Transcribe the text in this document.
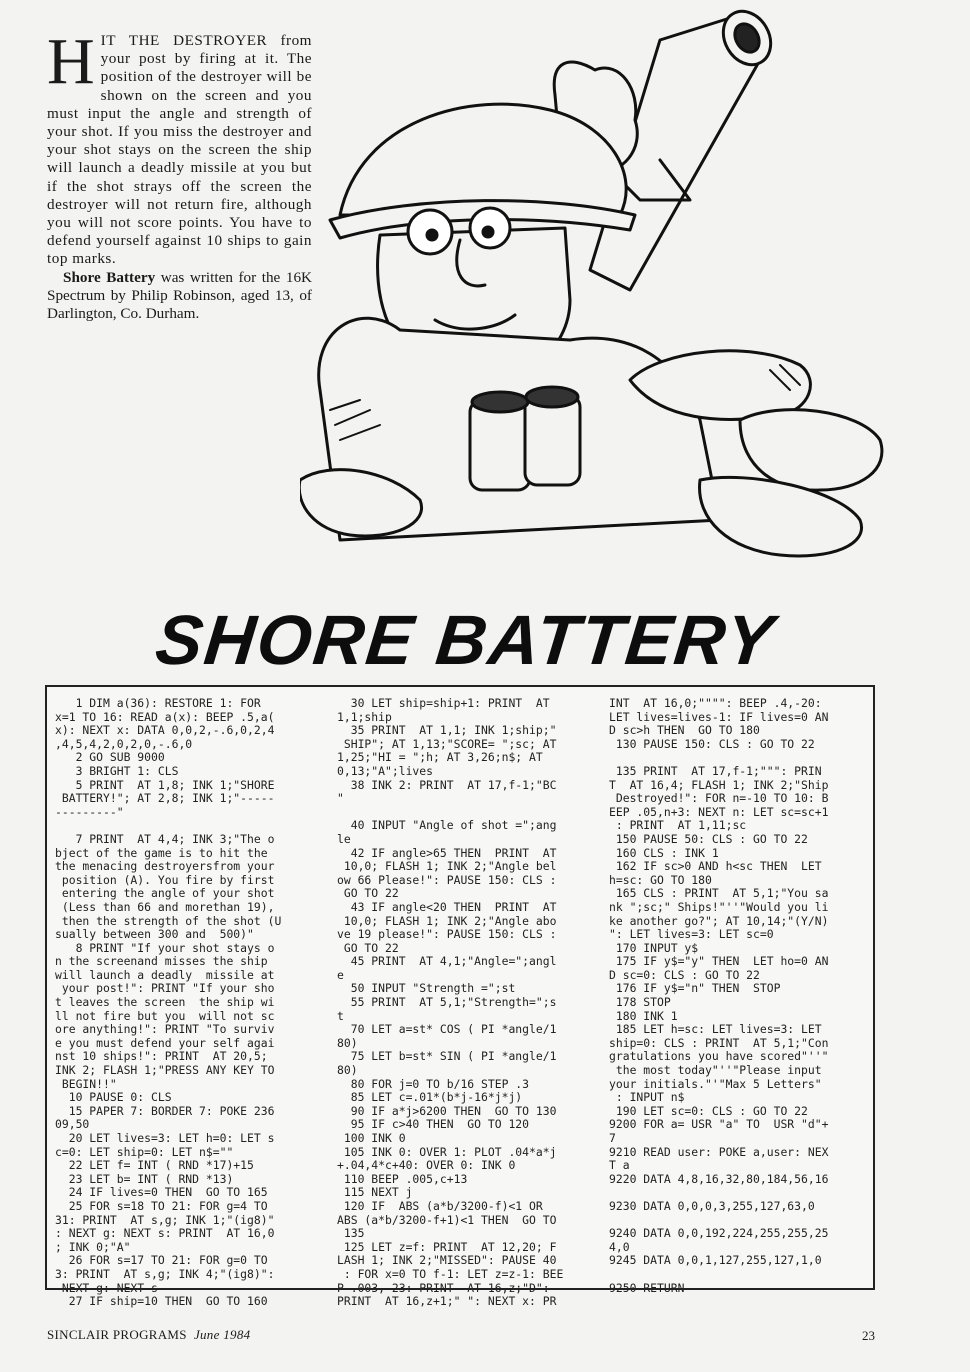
HIT THE DESTROYER from your post by firing at it. The position of the destroyer will be shown on the screen and you must input the angle and strength of your shot. If you miss the destroyer and your shot stays on the screen the ship will launch a deadly missile at you but if the shot strays off the screen the destroyer will not return fire, although you will not score points. You have to defend yourself against 10 ships to gain top marks.

Shore Battery was written for the 16K Spectrum by Philip Robinson, aged 13, of Darlington, Co. Durham.

SHORE BATTERY
1 DIM a(36): RESTORE 1: FOR
x=1 TO 16: READ a(x): BEEP .5,a(
x): NEXT x: DATA 0,0,2,-.6,0,2,4
,4,5,4,2,0,2,0,-.6,0
2 GO SUB 9000
3 BRIGHT 1: CLS
5 PRINT  AT 1,8; INK 1;"SHORE
BATTERY!"; AT 2,8; INK 1;"-----
---------"

7 PRINT  AT 4,4; INK 3;"The o
bject of the game is to hit the
the menacing destroyersfrom your
position (A). You fire by first
entering the angle of your shot
(Less than 66 and morethan 19),
then the strength of the shot (U
sually between 300 and  500)"
8 PRINT "If your shot stays o
n the screenand misses the ship
will launch a deadly  missile at
your post!": PRINT "If your sho
t leaves the screen  the ship wi
ll not fire but you  will not sc
ore anything!": PRINT "To surviv
e you must defend your self agai
nst 10 ships!": PRINT  AT 20,5;
INK 2; FLASH 1;"PRESS ANY KEY TO
BEGIN!!"
10 PAUSE 0: CLS
15 PAPER 7: BORDER 7: POKE 236
09,50
20 LET lives=3: LET h=0: LET s
c=0: LET ship=0: LET n$=""
22 LET f= INT ( RND *17)+15
23 LET b= INT ( RND *13)
24 IF lives=0 THEN  GO TO 165
25 FOR s=18 TO 21: FOR g=4 TO
31: PRINT  AT s,g; INK 1;"(ig8)"
: NEXT g: NEXT s: PRINT  AT 16,0
; INK 0;"A"
26 FOR s=17 TO 21: FOR g=0 TO
3: PRINT  AT s,g; INK 4;"(ig8)":
NEXT g: NEXT s
27 IF ship=10 THEN  GO TO 160
30 LET ship=ship+1: PRINT  AT
1,1;ship
35 PRINT  AT 1,1; INK 1;ship;"
SHIP"; AT 1,13;"SCORE= ";sc; AT
1,25;"HI = ";h; AT 3,26;n$; AT
0,13;"A";lives
38 INK 2: PRINT  AT 17,f-1;"BC
"

40 INPUT "Angle of shot =";ang
le
42 IF angle>65 THEN  PRINT  AT
10,0; FLASH 1; INK 2;"Angle bel
ow 66 Please!": PAUSE 150: CLS :
GO TO 22
43 IF angle<20 THEN  PRINT  AT
10,0; FLASH 1; INK 2;"Angle abo
ve 19 please!": PAUSE 150: CLS :
GO TO 22
45 PRINT  AT 4,1;"Angle=";angl
e
50 INPUT "Strength =";st
55 PRINT  AT 5,1;"Strength=";s
t
70 LET a=st* COS ( PI *angle/1
80)
75 LET b=st* SIN ( PI *angle/1
80)
80 FOR j=0 TO b/16 STEP .3
85 LET c=.01*(b*j-16*j*j)
90 IF a*j>6200 THEN  GO TO 130
95 IF c>40 THEN  GO TO 120
100 INK 0
105 INK 0: OVER 1: PLOT .04*a*j
+.04,4*c+40: OVER 0: INK 0
110 BEEP .005,c+13
115 NEXT j
120 IF  ABS (a*b/3200-f)<1 OR
ABS (a*b/3200-f+1)<1 THEN  GO TO
135
125 LET z=f: PRINT  AT 12,20; F
LASH 1; INK 2;"MISSED": PAUSE 40
: FOR x=0 TO f-1: LET z=z-1: BEE
P .003,-23: PRINT  AT 16,z;"D":
PRINT  AT 16,z+1;" ": NEXT x: PR
INT  AT 16,0;"""": BEEP .4,-20:
LET lives=lives-1: IF lives=0 AN
D sc>h THEN  GO TO 180
130 PAUSE 150: CLS : GO TO 22

135 PRINT  AT 17,f-1;""": PRIN
T  AT 16,4; FLASH 1; INK 2;"Ship
Destroyed!": FOR n=-10 TO 10: B
EEP .05,n+3: NEXT n: LET sc=sc+1
: PRINT  AT 1,11;sc
150 PAUSE 50: CLS : GO TO 22
160 CLS : INK 1
162 IF sc>0 AND h<sc THEN  LET
h=sc: GO TO 180
165 CLS : PRINT  AT 5,1;"You sa
nk ";sc;" Ships!"''"Would you li
ke another go?"; AT 10,14;"(Y/N)
": LET lives=3: LET sc=0
170 INPUT y$
175 IF y$="y" THEN  LET ho=0 AN
D sc=0: CLS : GO TO 22
176 IF y$="n" THEN  STOP
178 STOP
180 INK 1
185 LET h=sc: LET lives=3: LET
ship=0: CLS : PRINT  AT 5,1;"Con
gratulations you have scored"''"
the most today"''"Please input
your initials."'"Max 5 Letters"
: INPUT n$
190 LET sc=0: CLS : GO TO 22
9200 FOR a= USR "a" TO  USR "d"+
7
9210 READ user: POKE a,user: NEX
T a
9220 DATA 4,8,16,32,80,184,56,16

9230 DATA 0,0,0,3,255,127,63,0

9240 DATA 0,0,192,224,255,255,25
4,0
9245 DATA 0,0,1,127,255,127,1,0

9250 RETURN
SINCLAIR PROGRAMS June 1984	23
